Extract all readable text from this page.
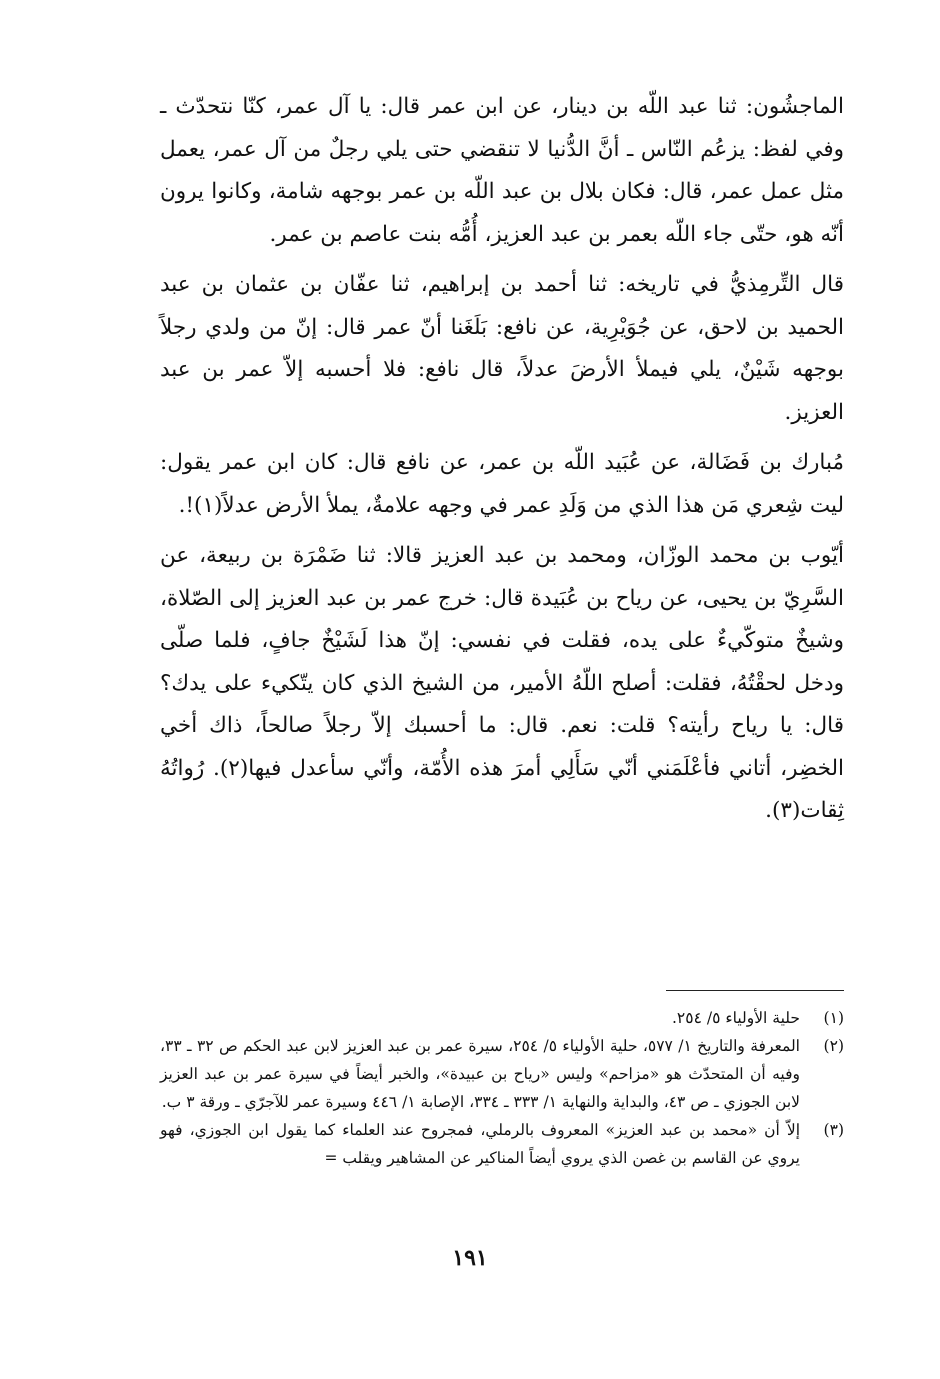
الماجشُون: ثنا عبد اللّه بن دينار، عن ابن عمر قال: يا آل عمر، كنّا نتحدّث ـ وفي لفظ: يزعُم النّاس ـ أنَّ الدُّنيا لا تنقضي حتى يلي رجلٌ من آل عمر، يعمل مثل عمل عمر، قال: فكان بلال بن عبد اللّه بن عمر بوجهه شامة، وكانوا يرون أنّه هو، حتّى جاء اللّه بعمر بن عبد العزيز، أُمُّه بنت عاصم بن عمر.

قال التِّرمِذيُّ في تاريخه: ثنا أحمد بن إبراهيم، ثنا عفّان بن عثمان بن عبد الحميد بن لاحق، عن جُوَيْرِية، عن نافع: بَلَغَنا أنّ عمر قال: إنّ من ولدي رجلاً بوجهه شَيْنٌ، يلي فيملأ الأرضَ عدلاً، قال نافع: فلا أحسبه إلاّ عمر بن عبد العزيز.

مُبارك بن فَضَالة، عن عُبَيد اللّه بن عمر، عن نافع قال: كان ابن عمر يقول: ليت شِعري مَن هذا الذي من وَلَدِ عمر في وجهه علامةٌ، يملأ الأرض عدلاً(١)!.

أيّوب بن محمد الوزّان، ومحمد بن عبد العزيز قالا: ثنا ضَمْرَة بن ربيعة، عن السَّرِيّ بن يحيى، عن رياح بن عُبَيدة قال: خرج عمر بن عبد العزيز إلى الصّلاة، وشيخٌ متوكّيءٌ على يده، فقلت في نفسي: إنّ هذا لَشَيْخٌ جافٍ، فلما صلّى ودخل لحقْتُهُ، فقلت: أصلح اللّهُ الأمير، من الشيخ الذي كان يتّكيء على يدك؟ قال: يا رياح رأيته؟ قلت: نعم. قال: ما أحسبك إلاّ رجلاً صالحاً، ذاك أخي الخضِر، أتاني فأعْلَمَني أنّي سَأَلِي أمرَ هذه الأُمّة، وأنّي سأعدل فيها(٢). رُواتُهُ ثِقات(٣).

(١)
حلية الأولياء ٥/ ٢٥٤.
(٢)
المعرفة والتاريخ ١/ ٥٧٧، حلية الأولياء ٥/ ٢٥٤، سيرة عمر بن عبد العزيز لابن عبد الحكم ص ٣٢ ـ ٣٣، وفيه أن المتحدّث هو «مزاحم» وليس «رياح بن عبيدة»، والخبر أيضاً في سيرة عمر بن عبد العزيز لابن الجوزي ـ ص ٤٣، والبداية والنهاية ١/ ٣٣٣ ـ ٣٣٤، الإصابة ١/ ٤٤٦ وسيرة عمر للآجرّي ـ ورقة ٣ ب.
(٣)
إلاّ أن «محمد بن عبد العزيز» المعروف بالرملي، فمجروح عند العلماء كما يقول ابن الجوزي، فهو يروي عن القاسم بن غصن الذي يروي أيضاً المناكير عن المشاهير ويقلب =
١٩١
